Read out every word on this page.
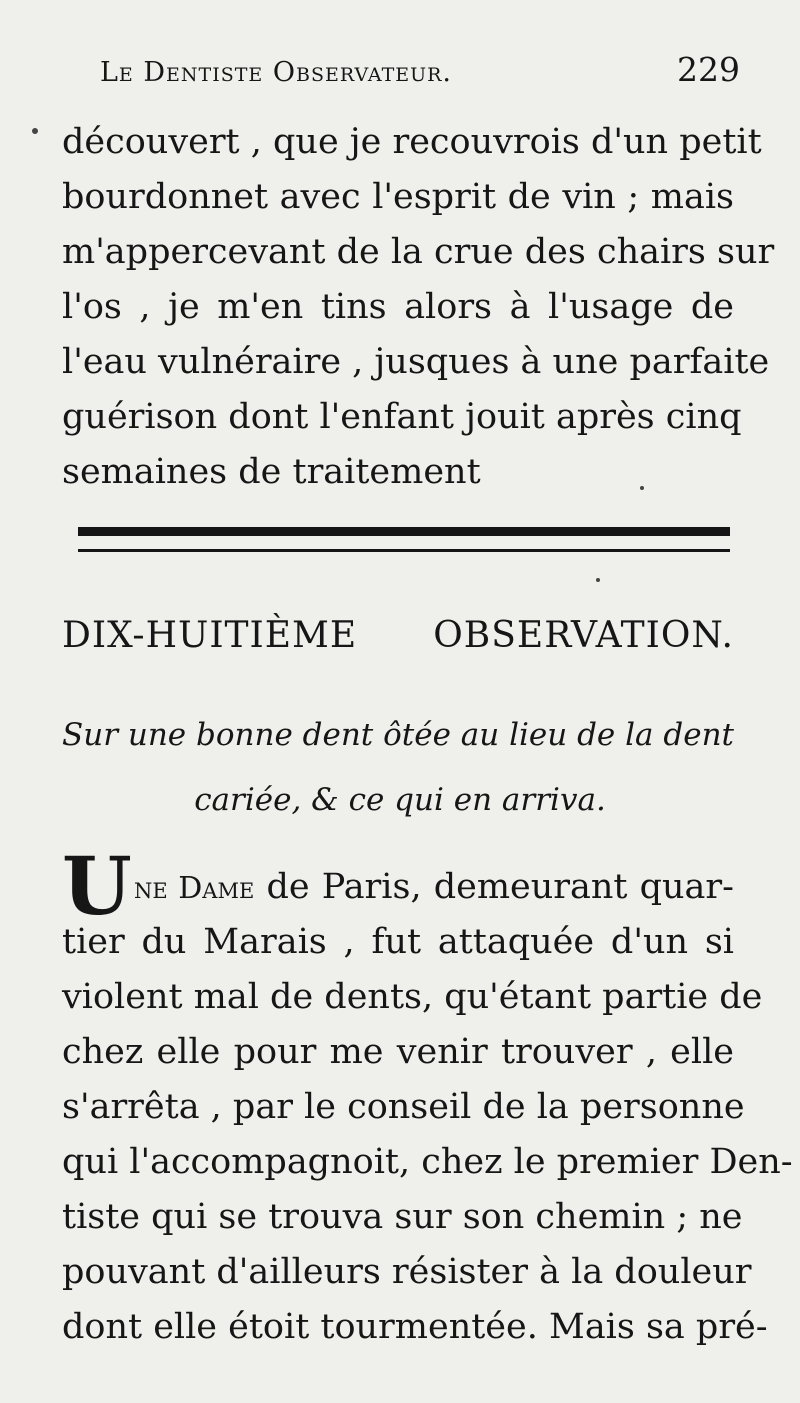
Le Dentiste Observateur.	229
découvert , que je recouvrois d'un petit
bourdonnet avec l'esprit de vin ; mais
m'appercevant de la crue des chairs sur
l'os , je m'en tins alors à l'usage de
l'eau vulnéraire , jusques à une parfaite
guérison dont l'enfant jouit après cinq
semaines de traitement
DIX-HUITIÈME OBSERVATION.
Sur une bonne dent ôtée au lieu de la dent
cariée, & ce qui en arriva.
U ne Dame de Paris, demeurant quar-
tier du Marais , fut attaquée d'un si
violent mal de dents, qu'étant partie de
chez elle pour me venir trouver , elle
s'arrêta , par le conseil de la personne
qui l'accompagnoit, chez le premier Den-
tiste qui se trouva sur son chemin ; ne
pouvant d'ailleurs résister à la douleur
dont elle étoit tourmentée. Mais sa pré-
